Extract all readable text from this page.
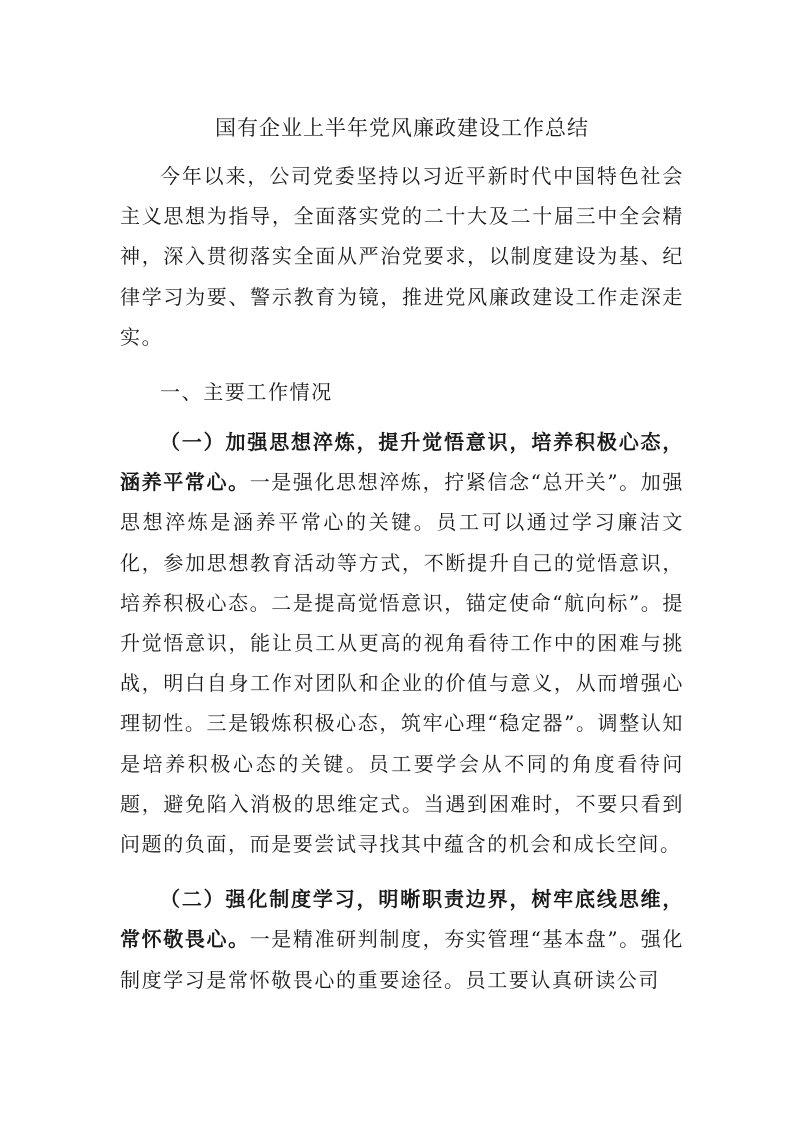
国有企业上半年党风廉政建设工作总结

今年以来，公司党委坚持以习近平新时代中国特色社会主义思想为指导，全面落实党的二十大及二十届三中全会精神，深入贯彻落实全面从严治党要求，以制度建设为基、纪律学习为要、警示教育为镜，推进党风廉政建设工作走深走实。

一、主要工作情况

（一）加强思想淬炼，提升觉悟意识，培养积极心态，涵养平常心。一是强化思想淬炼，拧紧信念“总开关”。加强思想淬炼是涵养平常心的关键。员工可以通过学习廉洁文化，参加思想教育活动等方式，不断提升自己的觉悟意识，培养积极心态。二是提高觉悟意识，锚定使命“航向标”。提升觉悟意识，能让员工从更高的视角看待工作中的困难与挑战，明白自身工作对团队和企业的价值与意义，从而增强心理韧性。三是锻炼积极心态，筑牢心理“稳定器”。调整认知是培养积极心态的关键。员工要学会从不同的角度看待问题，避免陷入消极的思维定式。当遇到困难时，不要只看到问题的负面，而是要尝试寻找其中蕴含的机会和成长空间。

（二）强化制度学习，明晰职责边界，树牢底线思维，常怀敬畏心。一是精准研判制度，夯实管理“基本盘”。强化制度学习是常怀敬畏心的重要途径。员工要认真研读公司
